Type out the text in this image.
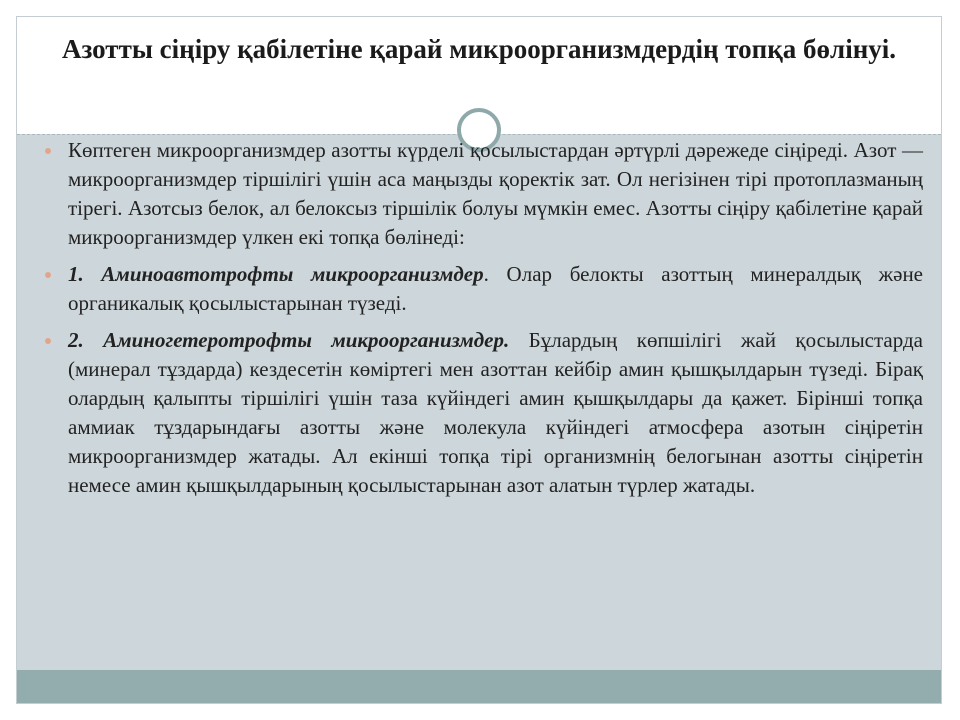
Азотты сіңіру қабілетіне қарай микроорганизмдердің топқа бөлінуі.
Көптеген микроорганизмдер азотты күрделі қосылыстардан әртүрлі дәрежеде сіңіреді. Азот — микроорганизмдер тіршілігі үшін аса маңызды қоректік зат. Ол негізінен тірі протоплазманың тірегі. Азотсыз белок, ал белоксыз тіршілік болуы мүмкін емес. Азотты сіңіру қабілетіне қарай микроорганизмдер үлкен екі топқа бөлінеді:
1. Аминоавтотрофты микроорганизмдер. Олар белокты азоттың минералдық және органикалық қосылыстарынан түзеді.
2. Аминогетеротрофты микроорганизмдер. Бұлардың көпшілігі жай қосылыстарда (минерал тұздарда) кездесетін көміртегі мен азоттан кейбір амин қышқылдарын түзеді. Бірақ олардың қалыпты тіршілігі үшін таза күйіндегі амин қышқылдары да қажет. Бірінші топқа аммиак тұздарындағы азотты және молекула күйіндегі атмосфера азотын сіңіретін микроорганизмдер жатады. Ал екінші топқа тірі организмнің белогынан азотты сіңіретін немесе амин қышқылдарының қосылыстарынан азот алатын түрлер жатады.
